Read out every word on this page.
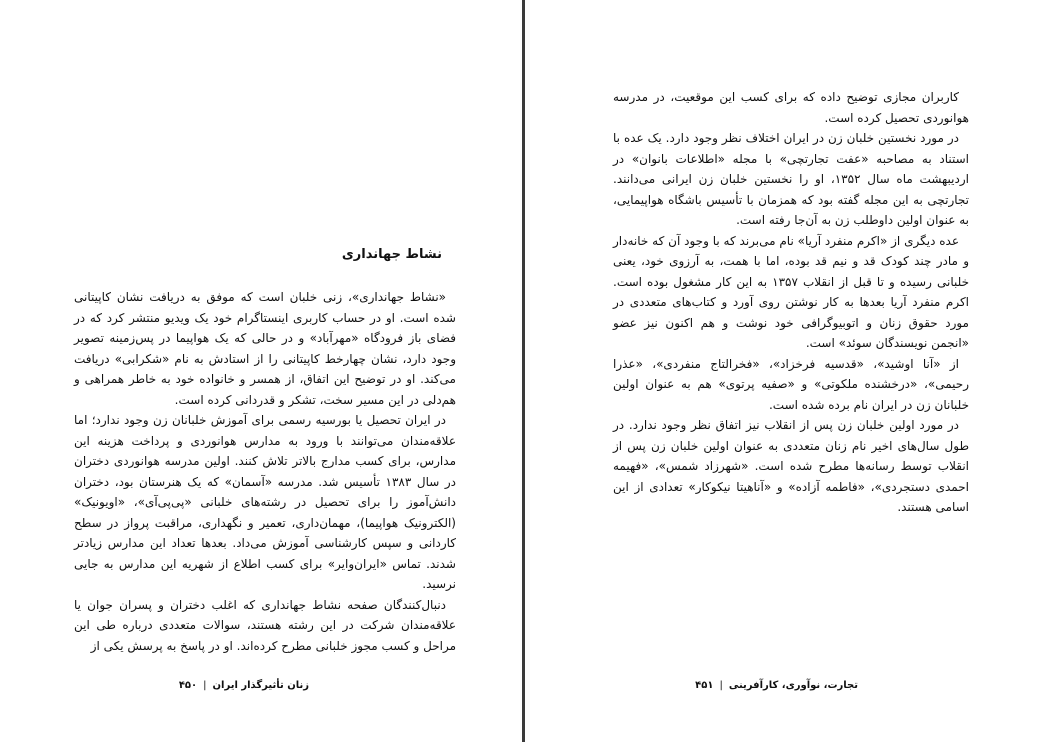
نشاط جهانداری

«نشاط جهانداری»، زنی خلبان است که موفق به دریافت نشان کاپیتانی شده است. او در حساب کاربری اینستاگرام خود یک ویدیو منتشر کرد که در فضای باز فرودگاه «مهرآباد» و در حالی که یک هواپیما در پس‌زمینه تصویر وجود دارد، نشان چهارخط کاپیتانی را از استادش به نام «شکرابی» دریافت می‌کند. او در توضیح این اتفاق، از همسر و خانواده خود به خاطر همراهی و هم‌دلی در این مسیر سخت، تشکر و قدردانی کرده است.

در ایران تحصیل یا بورسیه رسمی برای آموزش خلبانان زن وجود ندارد؛ اما علاقه‌مندان می‌توانند با ورود به مدارس هوانوردی و پرداخت هزینه این مدارس، برای کسب مدارج بالاتر تلاش کنند. اولین مدرسه هوانوردی دختران در سال ۱۳۸۳ تأسیس شد. مدرسه «آسمان» که یک هنرستان بود، دختران دانش‌آموز را برای تحصیل در رشته‌های خلبانی «پی‌پی‌آی»، «اویونیک» (الکترونیک هواپیما)، مهمان‌داری، تعمیر و نگهداری، مراقبت پرواز در سطح کاردانی و سپس کارشناسی آموزش می‌داد. بعدها تعداد این مدارس زیادتر شدند. تماس «ایران‌وایر» برای کسب اطلاع از شهریه این مدارس به جایی نرسید.

دنبال‌کنندگان صفحه نشاط جهانداری که اغلب دختران و پسران جوان یا علاقه‌مندان شرکت در این رشته هستند، سوالات متعددی درباره طی این مراحل و کسب مجوز خلبانی مطرح کرده‌اند. او در پاسخ به پرسش یکی از

زنان تأثیرگذار ایران|۴۵۰

کاربران مجازی توضیح داده که برای کسب این موقعیت، در مدرسه هوانوردی تحصیل کرده است.

در مورد نخستین خلبان زن در ایران اختلاف نظر وجود دارد. یک عده با استناد به مصاحبه «عفت تجارتچی» با مجله «اطلاعات بانوان» در اردیبهشت ماه سال ۱۳۵۲، او را نخستین خلبان زن ایرانی می‌دانند. تجارتچی به این مجله گفته بود که همزمان با تأسیس باشگاه هواپیمایی، به عنوان اولین داوطلب زن به آن‌جا رفته است.

عده دیگری از «اکرم منفرد آریا» نام می‌برند که با وجود آن که خانه‌دار و مادر چند کودک قد و نیم قد بوده، اما با همت، به آرزوی خود، یعنی خلبانی رسیده و تا قبل از انقلاب ۱۳۵۷ به این کار مشغول بوده است. اکرم منفرد آریا بعدها به کار نوشتن روی آورد و کتاب‌های متعددی در مورد حقوق زنان و اتوبیوگرافی خود نوشت و هم اکنون نیز عضو «انجمن نویسندگان سوئد» است.

از «آنا اوشید»، «قدسیه فرخزاد»، «فخرالتاج منفردی»، «عذرا رحیمی»، «درخشنده ملکوتی» و «صفیه پرتوی» هم به عنوان اولین خلبانان زن در ایران نام برده شده است.

در مورد اولین خلبان زن پس از انقلاب نیز اتفاق نظر وجود ندارد. در طول سال‌های اخیر نام زنان متعددی به عنوان اولین خلبان زن پس از انقلاب توسط رسانه‌ها مطرح شده است. «شهرزاد شمس»، «فهیمه احمدی دستجردی»، «فاطمه آزاده» و «آناهیتا نیکوکار» تعدادی از این اسامی هستند.

تجارت، نوآوری، کارآفرینی|۴۵۱
